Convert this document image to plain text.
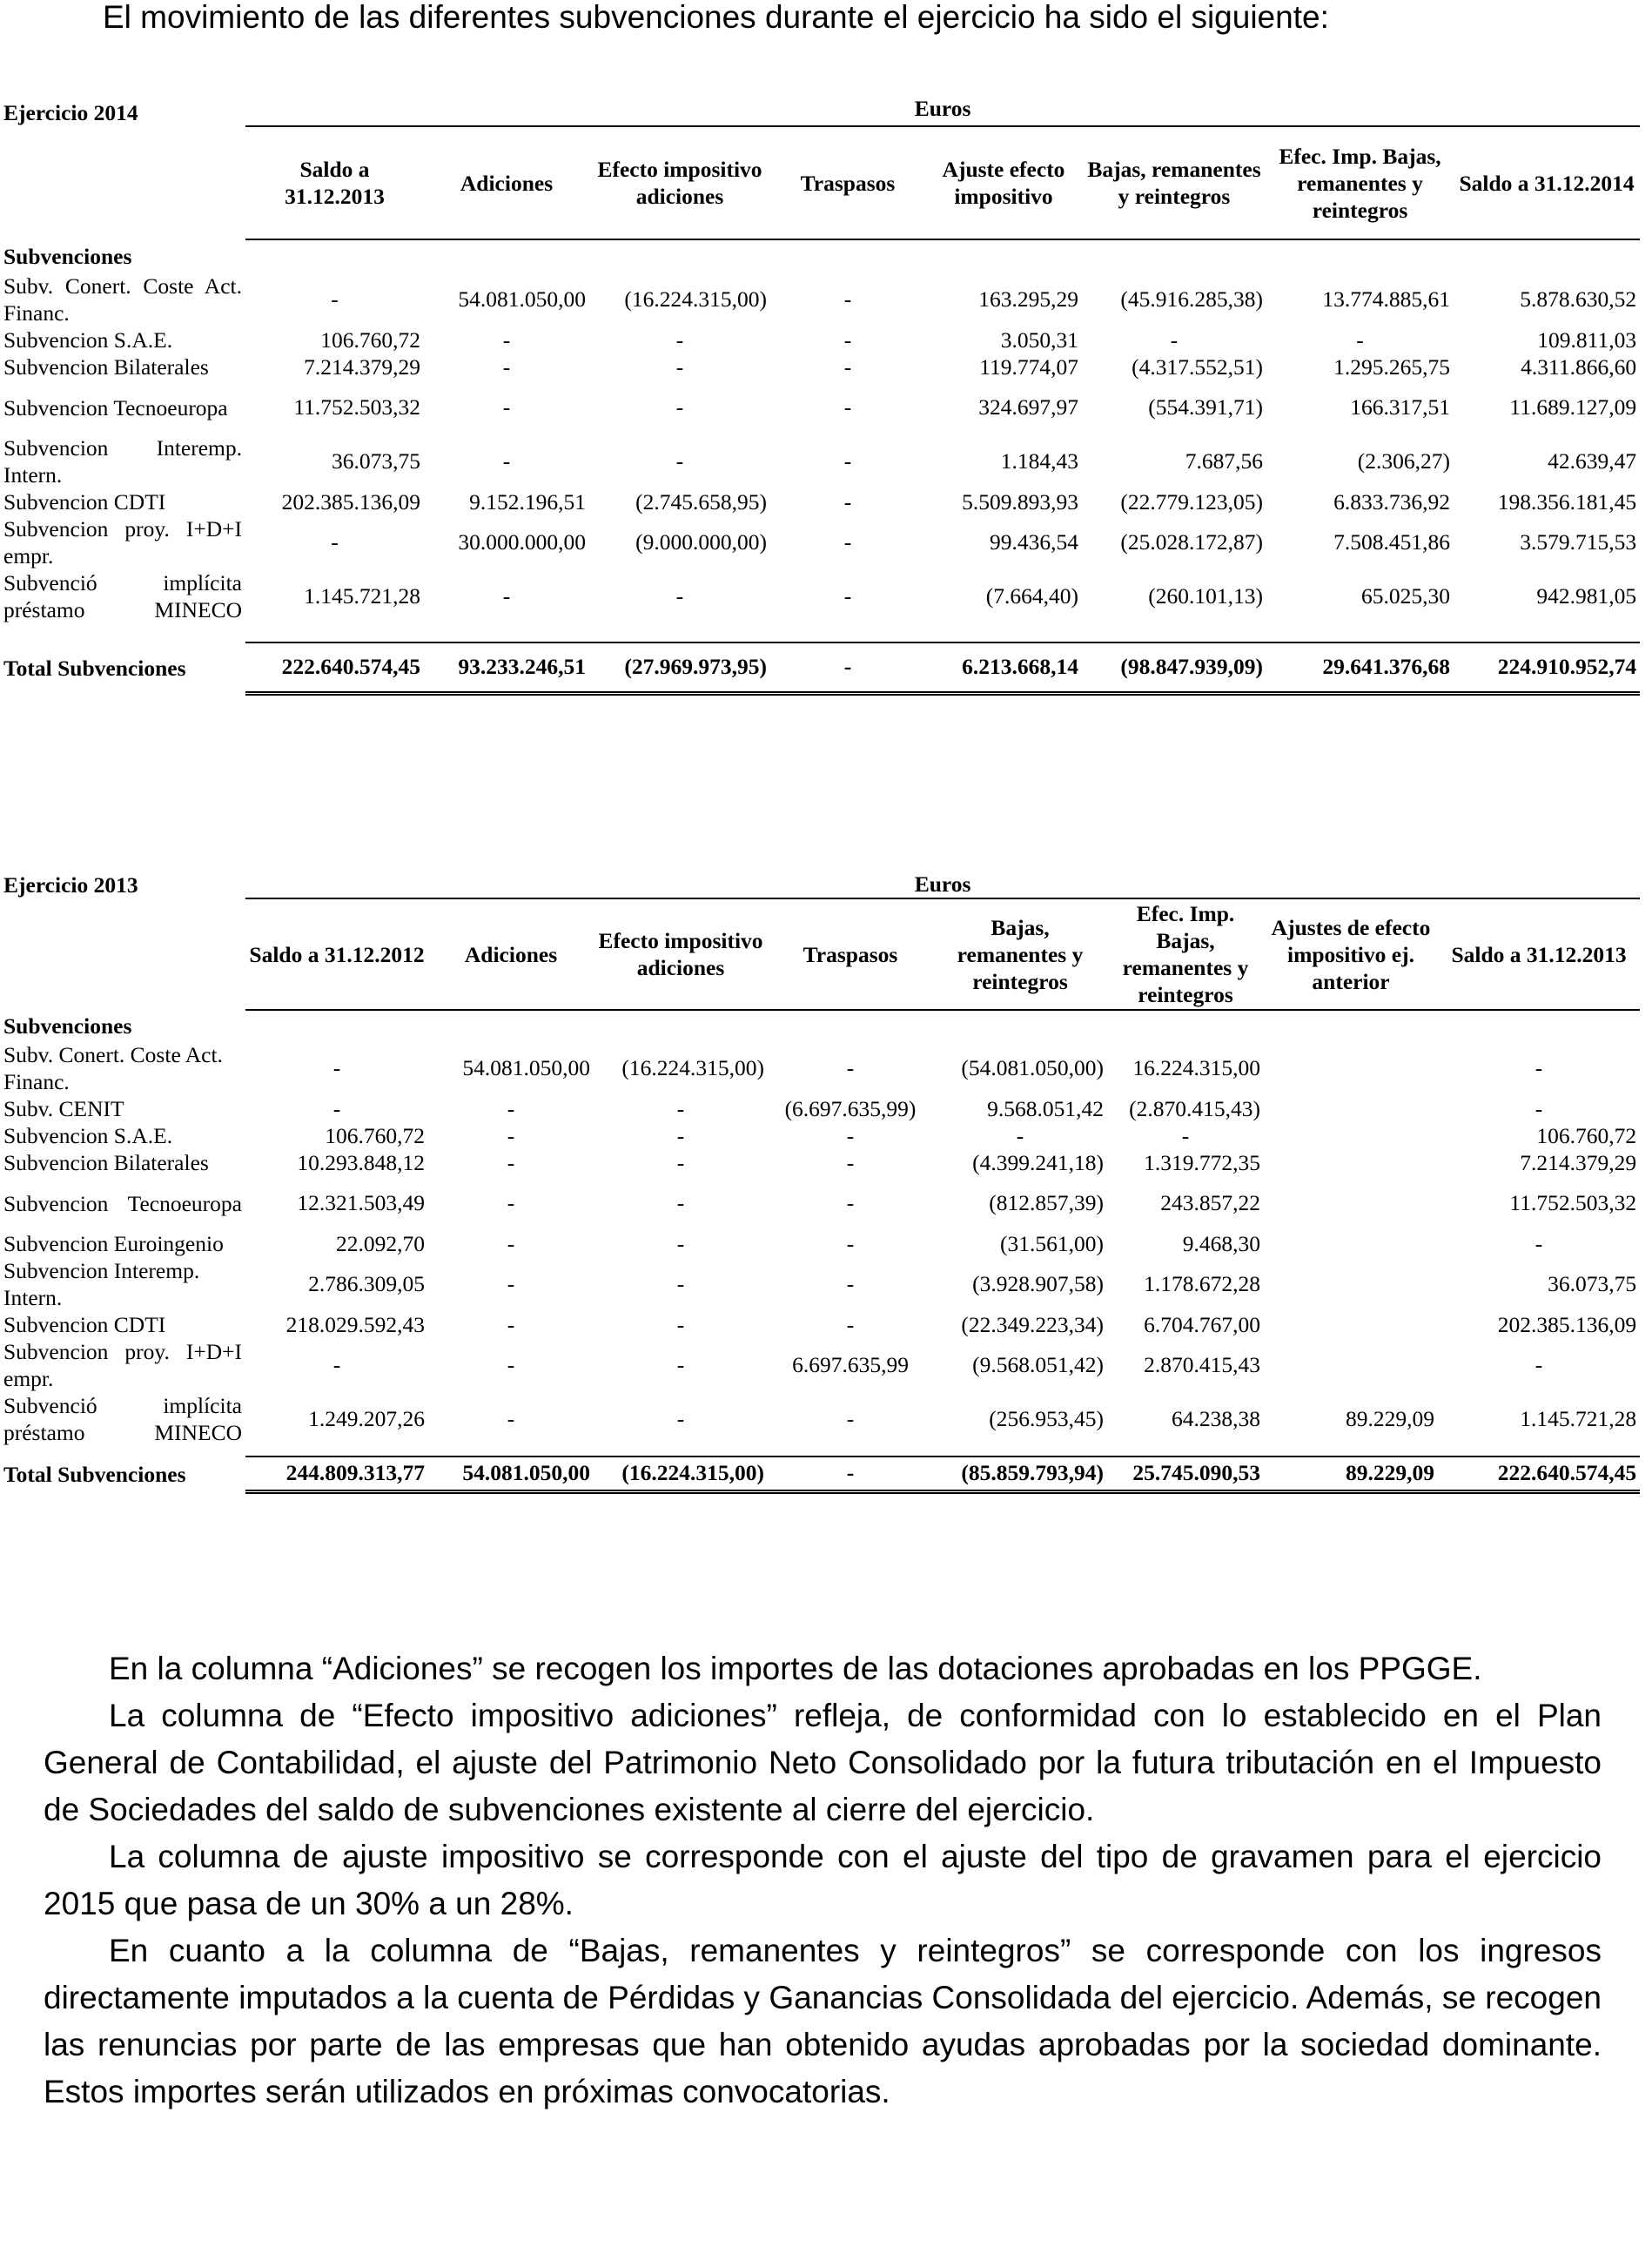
El movimiento de las diferentes subvenciones durante el ejercicio ha sido el siguiente:
Ejercicio 2014	Euros							
	Saldo a 31.12.2013	Adiciones	Efecto impositivo adiciones	Traspasos	Ajuste efecto impositivo	Bajas, remanentes y reintegros	Efec. Imp. Bajas, remanentes y reintegros	Saldo a 31.12.2014
Subvenciones								
Subv. Conert. Coste Act. Financ.	-	54.081.050,00	(16.224.315,00)	-	163.295,29	(45.916.285,38)	13.774.885,61	5.878.630,52
Subvencion S.A.E.	106.760,72	-	-	-	3.050,31	-	-	109.811,03
Subvencion Bilaterales	7.214.379,29	-	-	-	119.774,07	(4.317.552,51)	1.295.265,75	4.311.866,60
Subvencion Tecnoeuropa	11.752.503,32	-	-	-	324.697,97	(554.391,71)	166.317,51	11.689.127,09
Subvencion Interemp. Intern.	36.073,75	-	-	-	1.184,43	7.687,56	(2.306,27)	42.639,47
Subvencion CDTI	202.385.136,09	9.152.196,51	(2.745.658,95)	-	5.509.893,93	(22.779.123,05)	6.833.736,92	198.356.181,45
Subvencion proy. I+D+I empr.	-	30.000.000,00	(9.000.000,00)	-	99.436,54	(25.028.172,87)	7.508.451,86	3.579.715,53
Subvenció implícita préstamo MINECO	1.145.721,28	-	-	-	(7.664,40)	(260.101,13)	65.025,30	942.981,05

Total Subvenciones	222.640.574,45	93.233.246,51	(27.969.973,95)	-	6.213.668,14	(98.847.939,09)	29.641.376,68	224.910.952,74
Ejercicio 2013	Euros							
	Saldo a 31.12.2012	Adiciones	Efecto impositivo adiciones	Traspasos	Bajas, remanentes y reintegros	Efec. Imp. Bajas, remanentes y reintegros	Ajustes de efecto impositivo ej. anterior	Saldo a 31.12.2013
Subvenciones								
Subv. Conert. Coste Act. Financ.	-	54.081.050,00	(16.224.315,00)	-	(54.081.050,00)	16.224.315,00		-
Subv. CENIT	-	-	-	(6.697.635,99)	9.568.051,42	(2.870.415,43)		-
Subvencion S.A.E.	106.760,72	-	-	-	-	-		106.760,72
Subvencion Bilaterales	10.293.848,12	-	-	-	(4.399.241,18)	1.319.772,35		7.214.379,29
Subvencion Tecnoeuropa	12.321.503,49	-	-	-	(812.857,39)	243.857,22		11.752.503,32
Subvencion Euroingenio	22.092,70	-	-	-	(31.561,00)	9.468,30		-
Subvencion Interemp. Intern.	2.786.309,05	-	-	-	(3.928.907,58)	1.178.672,28		36.073,75
Subvencion CDTI	218.029.592,43	-	-	-	(22.349.223,34)	6.704.767,00		202.385.136,09
Subvencion proy. I+D+I empr.	-	-	-	6.697.635,99	(9.568.051,42)	2.870.415,43		-
Subvenció implícita préstamo MINECO	1.249.207,26	-	-	-	(256.953,45)	64.238,38	89.229,09	1.145.721,28

Total Subvenciones	244.809.313,77	54.081.050,00	(16.224.315,00)	-	(85.859.793,94)	25.745.090,53	89.229,09	222.640.574,45

En la columna “Adiciones” se recogen los importes de las dotaciones aprobadas en los PPGGE.

La columna de “Efecto impositivo adiciones” refleja, de conformidad con lo establecido en el Plan General de Contabilidad, el ajuste del Patrimonio Neto Consolidado por la futura tributación en el Impuesto de Sociedades del saldo de subvenciones existente al cierre del ejercicio.

La columna de ajuste impositivo se corresponde con el ajuste del tipo de gravamen para el ejercicio 2015 que pasa de un 30% a un 28%.

En cuanto a la columna de “Bajas, remanentes y reintegros” se corresponde con los ingresos directamente imputados a la cuenta de Pérdidas y Ganancias Consolidada del ejercicio. Además, se recogen las renuncias por parte de las empresas que han obtenido ayudas aprobadas por la sociedad dominante. Estos importes serán utilizados en próximas convocatorias.
